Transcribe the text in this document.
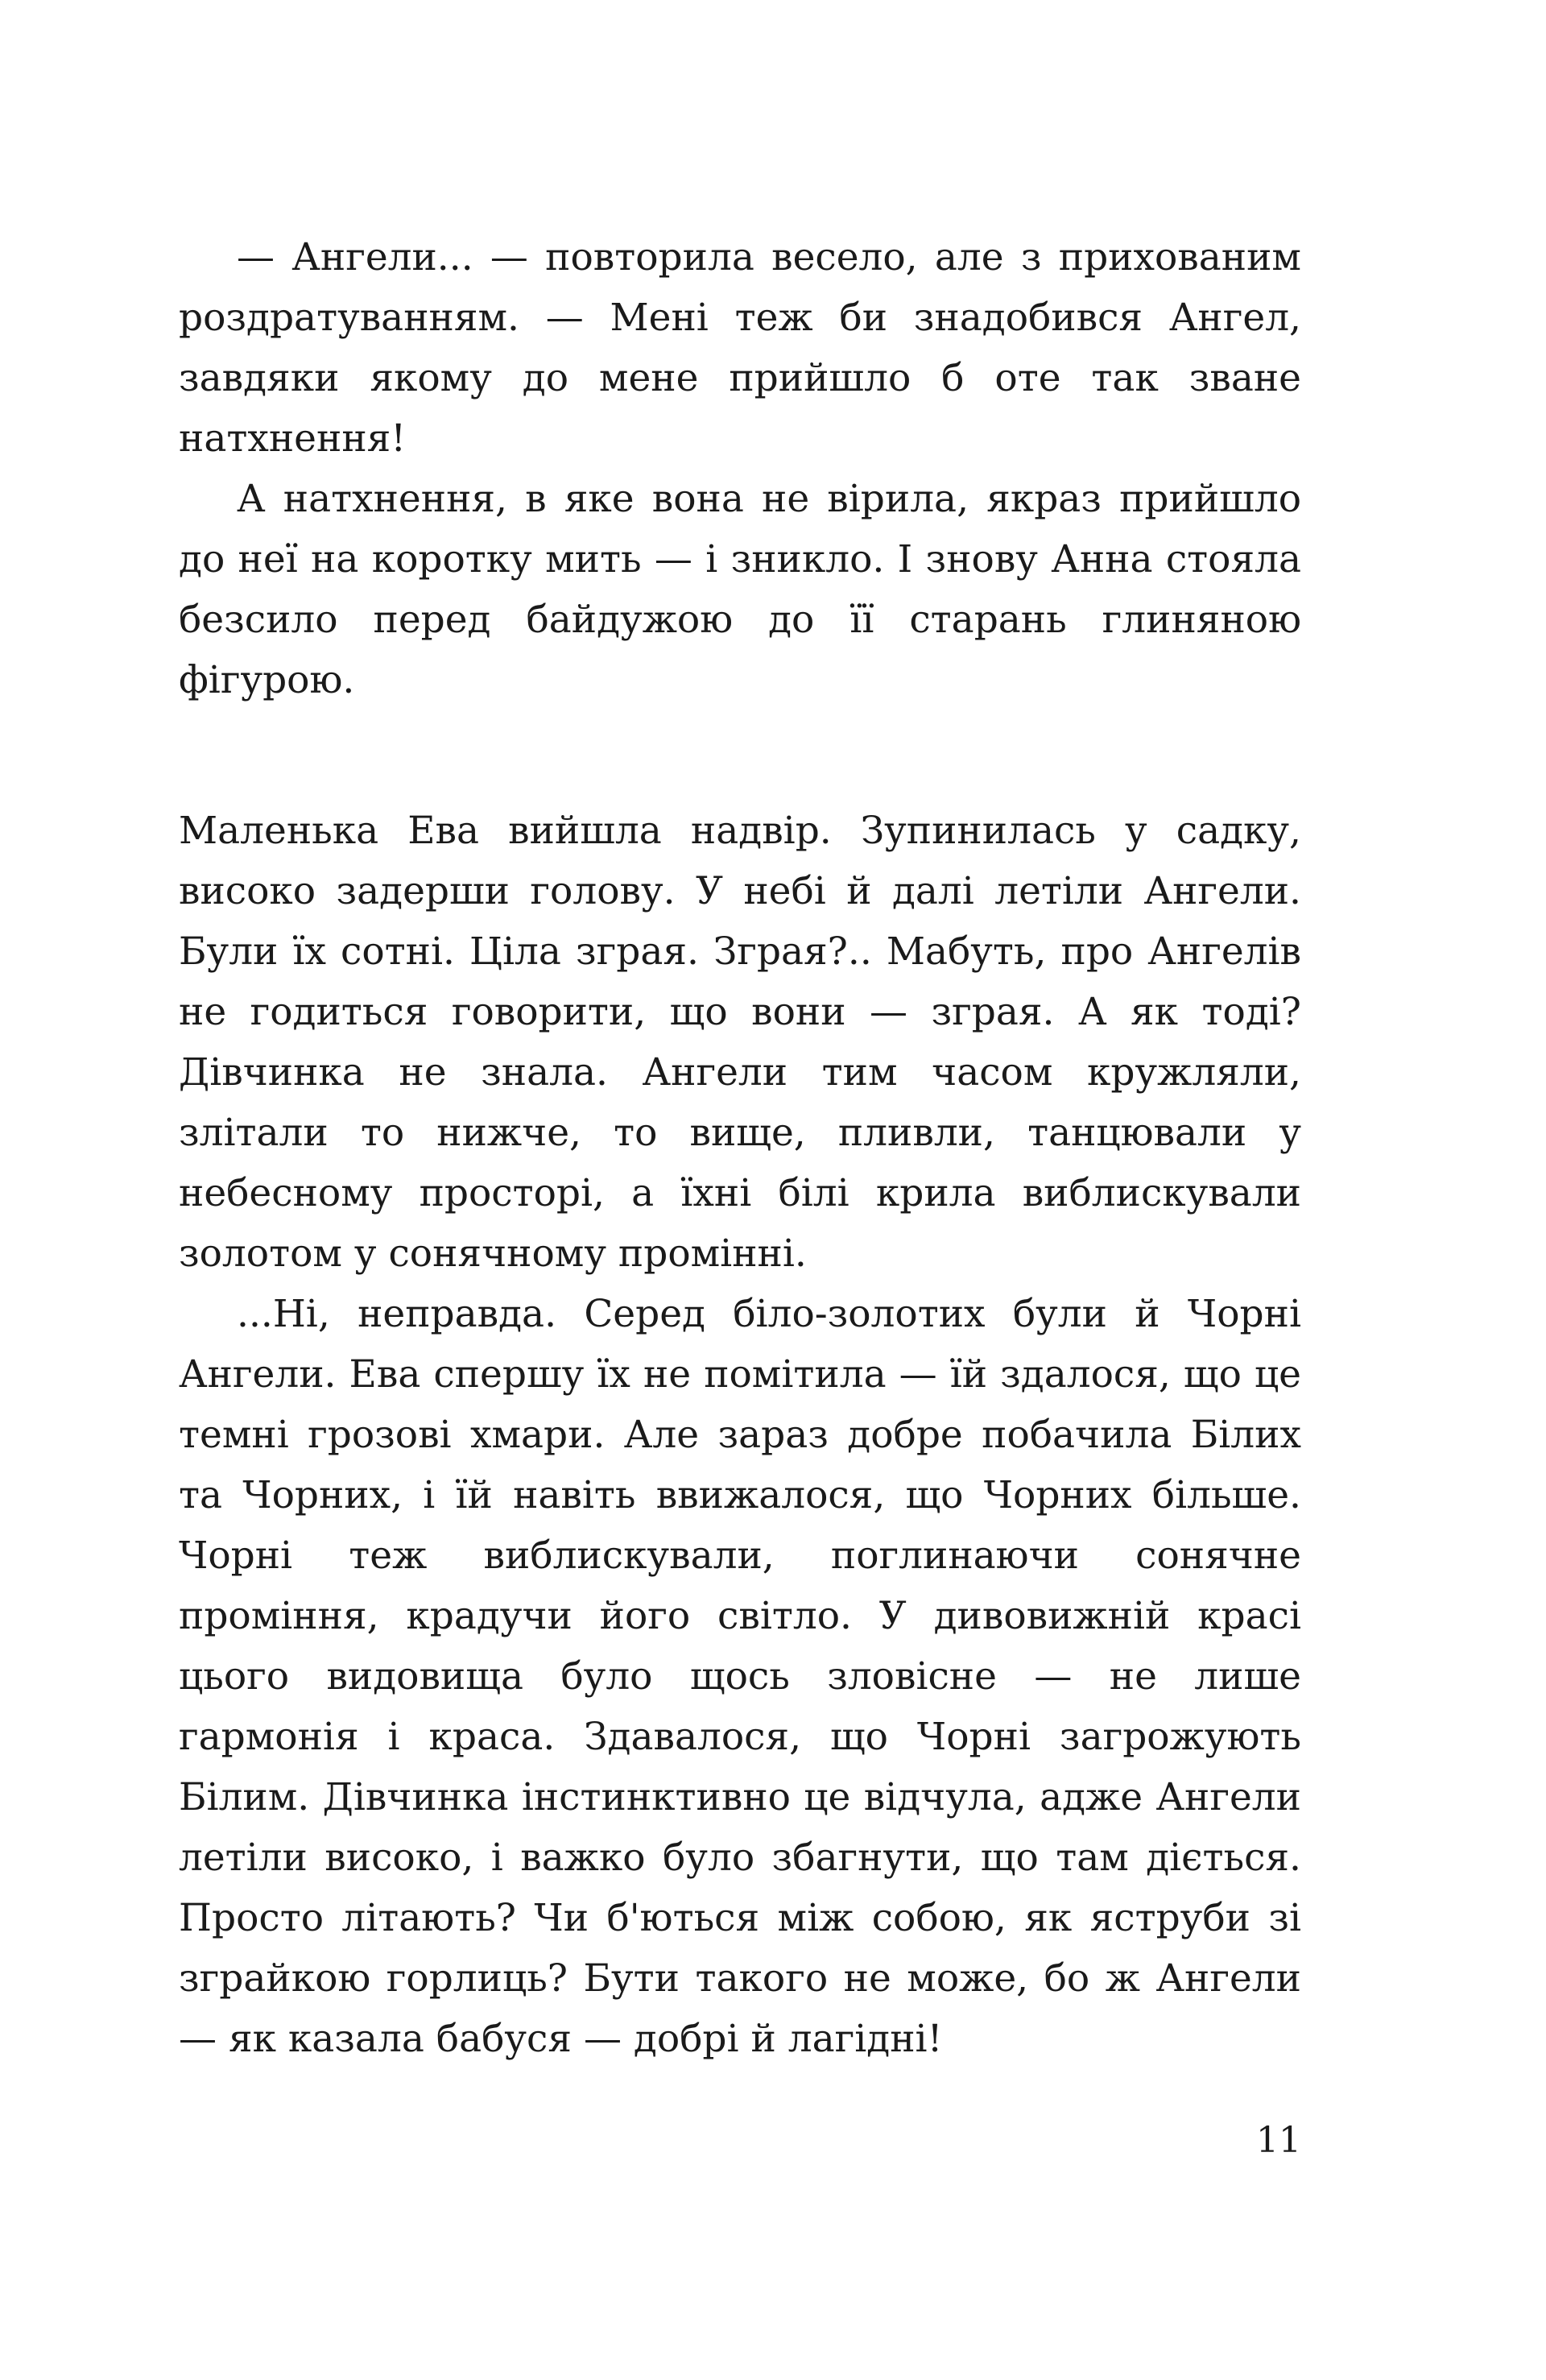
— Ангели... — повторила весело, але з прихованим роздратуванням. — Мені теж би знадобився Ангел, завдяки якому до мене прийшло б оте так зване натхнення!

А натхнення, в яке вона не вірила, якраз прийшло до неї на коротку мить — і зникло. І знову Анна стояла безсило перед байдужою до її старань глиняною фігурою.

Маленька Ева вийшла надвір. Зупинилась у садку, високо задерши голову. У небі й далі летіли Ангели. Були їх сотні. Ціла зграя. Зграя?.. Мабуть, про Ангелів не годиться говорити, що вони — зграя. А як тоді? Дівчинка не знала. Ангели тим часом кружляли, злітали то нижче, то вище, пливли, танцювали у небесному просторі, а їхні білі крила виблискували золотом у сонячному промінні.

...Ні, неправда. Серед біло-золотих були й Чорні Ангели. Ева спершу їх не помітила — їй здалося, що це темні грозові хмари. Але зараз добре побачила Білих та Чорних, і їй навіть ввижалося, що Чорних більше. Чорні теж виблискували, поглинаючи сонячне проміння, крадучи його світло. У дивовижній красі цього видовища було щось зловісне — не лише гармонія і краса. Здавалося, що Чорні загрожують Білим. Дівчинка інстинктивно це відчула, адже Ангели летіли високо, і важко було збагнути, що там діється. Просто літають? Чи б'ються між собою, як яструби зі зграйкою горлиць? Бути такого не може, бо ж Ангели — як казала бабуся — добрі й лагідні!

11
